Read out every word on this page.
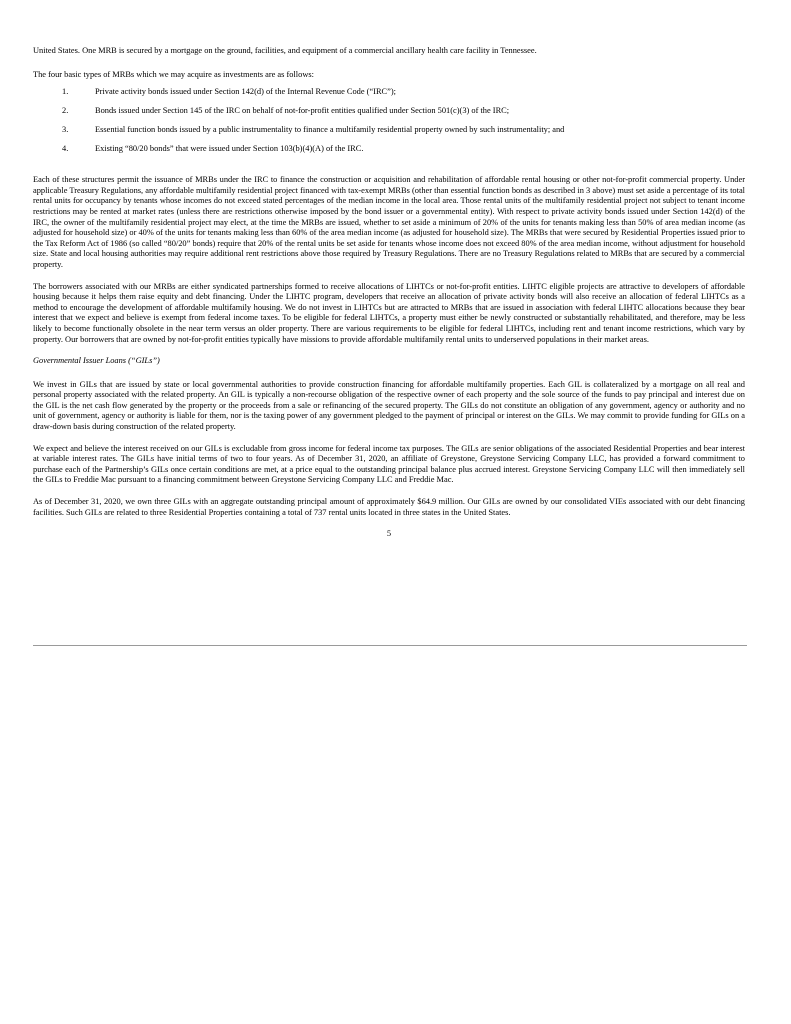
United States. One MRB is secured by a mortgage on the ground, facilities, and equipment of a commercial ancillary health care facility in Tennessee.

The four basic types of MRBs which we may acquire as investments are as follows:

1.	Private activity bonds issued under Section 142(d) of the Internal Revenue Code (“IRC”);
2.	Bonds issued under Section 145 of the IRC on behalf of not-for-profit entities qualified under Section 501(c)(3) of the IRC;
3.	Essential function bonds issued by a public instrumentality to finance a multifamily residential property owned by such instrumentality; and
4.	Existing “80/20 bonds” that were issued under Section 103(b)(4)(A) of the IRC.

Each of these structures permit the issuance of MRBs under the IRC to finance the construction or acquisition and rehabilitation of affordable rental housing or other not-for-profit commercial property. Under applicable Treasury Regulations, any affordable multifamily residential project financed with tax-exempt MRBs (other than essential function bonds as described in 3 above) must set aside a percentage of its total rental units for occupancy by tenants whose incomes do not exceed stated percentages of the median income in the local area. Those rental units of the multifamily residential project not subject to tenant income restrictions may be rented at market rates (unless there are restrictions otherwise imposed by the bond issuer or a governmental entity). With respect to private activity bonds issued under Section 142(d) of the IRC, the owner of the multifamily residential project may elect, at the time the MRBs are issued, whether to set aside a minimum of 20% of the units for tenants making less than 50% of area median income (as adjusted for household size) or 40% of the units for tenants making less than 60% of the area median income (as adjusted for household size). The MRBs that were secured by Residential Properties issued prior to the Tax Reform Act of 1986 (so called “80/20” bonds) require that 20% of the rental units be set aside for tenants whose income does not exceed 80% of the area median income, without adjustment for household size. State and local housing authorities may require additional rent restrictions above those required by Treasury Regulations. There are no Treasury Regulations related to MRBs that are secured by a commercial property.

The borrowers associated with our MRBs are either syndicated partnerships formed to receive allocations of LIHTCs or not-for-profit entities. LIHTC eligible projects are attractive to developers of affordable housing because it helps them raise equity and debt financing. Under the LIHTC program, developers that receive an allocation of private activity bonds will also receive an allocation of federal LIHTCs as a method to encourage the development of affordable multifamily housing. We do not invest in LIHTCs but are attracted to MRBs that are issued in association with federal LIHTC allocations because they bear interest that we expect and believe is exempt from federal income taxes. To be eligible for federal LIHTCs, a property must either be newly constructed or substantially rehabilitated, and therefore, may be less likely to become functionally obsolete in the near term versus an older property. There are various requirements to be eligible for federal LIHTCs, including rent and tenant income restrictions, which vary by property. Our borrowers that are owned by not-for-profit entities typically have missions to provide affordable multifamily rental units to underserved populations in their market areas.

Governmental Issuer Loans (“GILs”)

We invest in GILs that are issued by state or local governmental authorities to provide construction financing for affordable multifamily properties. Each GIL is collateralized by a mortgage on all real and personal property associated with the related property. An GIL is typically a non-recourse obligation of the respective owner of each property and the sole source of the funds to pay principal and interest due on the GIL is the net cash flow generated by the property or the proceeds from a sale or refinancing of the secured property. The GILs do not constitute an obligation of any government, agency or authority and no unit of government, agency or authority is liable for them, nor is the taxing power of any government pledged to the payment of principal or interest on the GILs. We may commit to provide funding for GILs on a draw-down basis during construction of the related property.

We expect and believe the interest received on our GILs is excludable from gross income for federal income tax purposes. The GILs are senior obligations of the associated Residential Properties and bear interest at variable interest rates. The GILs have initial terms of two to four years. As of December 31, 2020, an affiliate of Greystone, Greystone Servicing Company LLC, has provided a forward commitment to purchase each of the Partnership’s GILs once certain conditions are met, at a price equal to the outstanding principal balance plus accrued interest. Greystone Servicing Company LLC will then immediately sell the GILs to Freddie Mac pursuant to a financing commitment between Greystone Servicing Company LLC and Freddie Mac.

As of December 31, 2020, we own three GILs with an aggregate outstanding principal amount of approximately $64.9 million. Our GILs are owned by our consolidated VIEs associated with our debt financing facilities. Such GILs are related to three Residential Properties containing a total of 737 rental units located in three states in the United States.

5
